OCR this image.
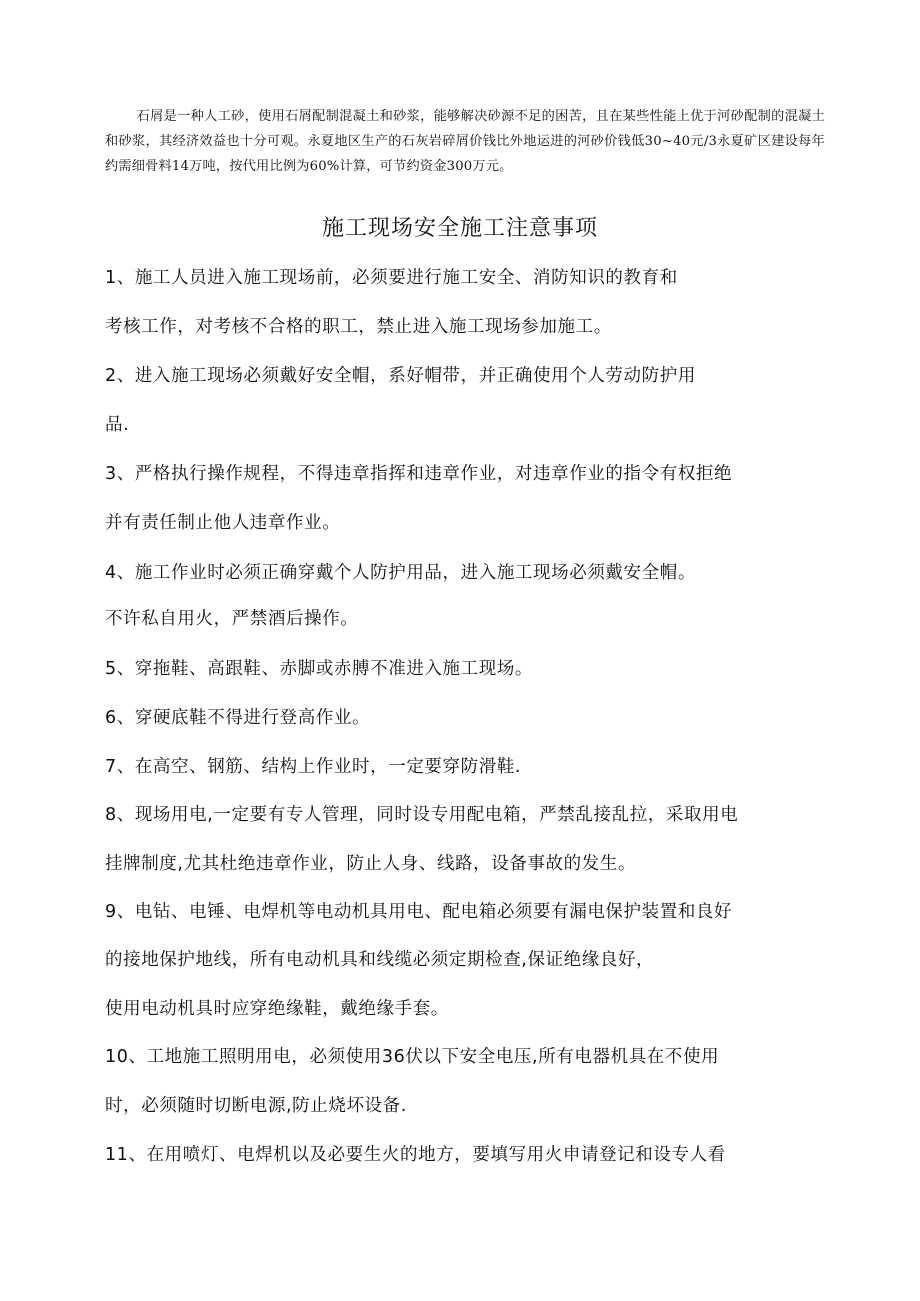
石屑是一种人工砂，使用石屑配制混凝土和砂浆，能够解决砂源不足的困苦，且在某些性能上优于河砂配制的混凝土和砂浆，其经济效益也十分可观。永夏地区生产的石灰岩碎屑价钱比外地运进的河砂价钱低30~40元/3永夏矿区建设每年约需细骨料14万吨，按代用比例为60%计算，可节约资金300万元。
施工现场安全施工注意事项
1、施工人员进入施工现场前，必须要进行施工安全、消防知识的教育和
考核工作，对考核不合格的职工，禁止进入施工现场参加施工。
2、进入施工现场必须戴好安全帽，系好帽带，并正确使用个人劳动防护用
品.
3、严格执行操作规程，不得违章指挥和违章作业，对违章作业的指令有权拒绝
并有责任制止他人违章作业。
4、施工作业时必须正确穿戴个人防护用品，进入施工现场必须戴安全帽。
不许私自用火，严禁酒后操作。
5、穿拖鞋、高跟鞋、赤脚或赤膊不准进入施工现场。
6、穿硬底鞋不得进行登高作业。
7、在高空、钢筋、结构上作业时，一定要穿防滑鞋.
8、现场用电,一定要有专人管理，同时设专用配电箱，严禁乱接乱拉，采取用电
挂牌制度,尤其杜绝违章作业，防止人身、线路，设备事故的发生。
9、电钻、电锤、电焊机等电动机具用电、配电箱必须要有漏电保护装置和良好
的接地保护地线，所有电动机具和线缆必须定期检查,保证绝缘良好，
使用电动机具时应穿绝缘鞋，戴绝缘手套。
10、工地施工照明用电，必须使用36伏以下安全电压,所有电器机具在不使用
时，必须随时切断电源,防止烧坏设备.
11、在用喷灯、电焊机以及必要生火的地方，要填写用火申请登记和设专人看
